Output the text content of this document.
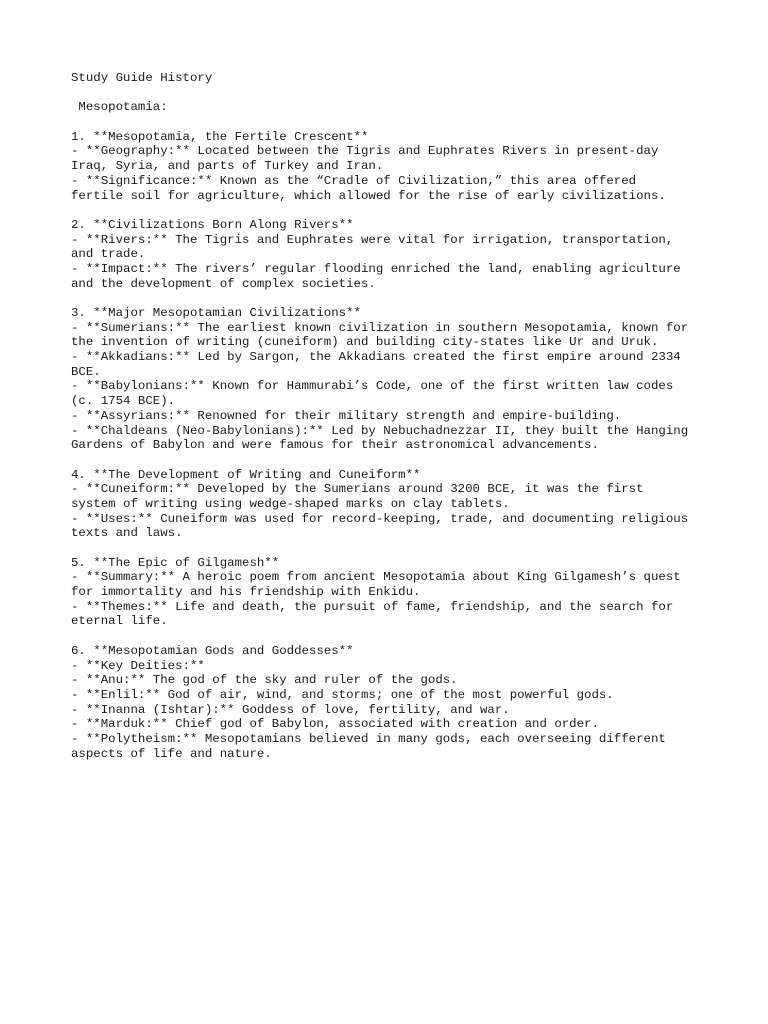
Study Guide History
Mesopotamia:
1. **Mesopotamia, the Fertile Crescent**
- **Geography:** Located between the Tigris and Euphrates Rivers in present-day
Iraq, Syria, and parts of Turkey and Iran.
- **Significance:** Known as the “Cradle of Civilization,” this area offered
fertile soil for agriculture, which allowed for the rise of early civilizations.
2. **Civilizations Born Along Rivers**
- **Rivers:** The Tigris and Euphrates were vital for irrigation, transportation,
and trade.
- **Impact:** The rivers’ regular flooding enriched the land, enabling agriculture
and the development of complex societies.
3. **Major Mesopotamian Civilizations**
- **Sumerians:** The earliest known civilization in southern Mesopotamia, known for
the invention of writing (cuneiform) and building city-states like Ur and Uruk.
- **Akkadians:** Led by Sargon, the Akkadians created the first empire around 2334
BCE.
- **Babylonians:** Known for Hammurabi’s Code, one of the first written law codes
(c. 1754 BCE).
- **Assyrians:** Renowned for their military strength and empire-building.
- **Chaldeans (Neo-Babylonians):** Led by Nebuchadnezzar II, they built the Hanging
Gardens of Babylon and were famous for their astronomical advancements.
4. **The Development of Writing and Cuneiform**
- **Cuneiform:** Developed by the Sumerians around 3200 BCE, it was the first
system of writing using wedge-shaped marks on clay tablets.
- **Uses:** Cuneiform was used for record-keeping, trade, and documenting religious
texts and laws.
5. **The Epic of Gilgamesh**
- **Summary:** A heroic poem from ancient Mesopotamia about King Gilgamesh’s quest
for immortality and his friendship with Enkidu.
- **Themes:** Life and death, the pursuit of fame, friendship, and the search for
eternal life.
6. **Mesopotamian Gods and Goddesses**
- **Key Deities:**
- **Anu:** The god of the sky and ruler of the gods.
- **Enlil:** God of air, wind, and storms; one of the most powerful gods.
- **Inanna (Ishtar):** Goddess of love, fertility, and war.
- **Marduk:** Chief god of Babylon, associated with creation and order.
- **Polytheism:** Mesopotamians believed in many gods, each overseeing different
aspects of life and nature.
